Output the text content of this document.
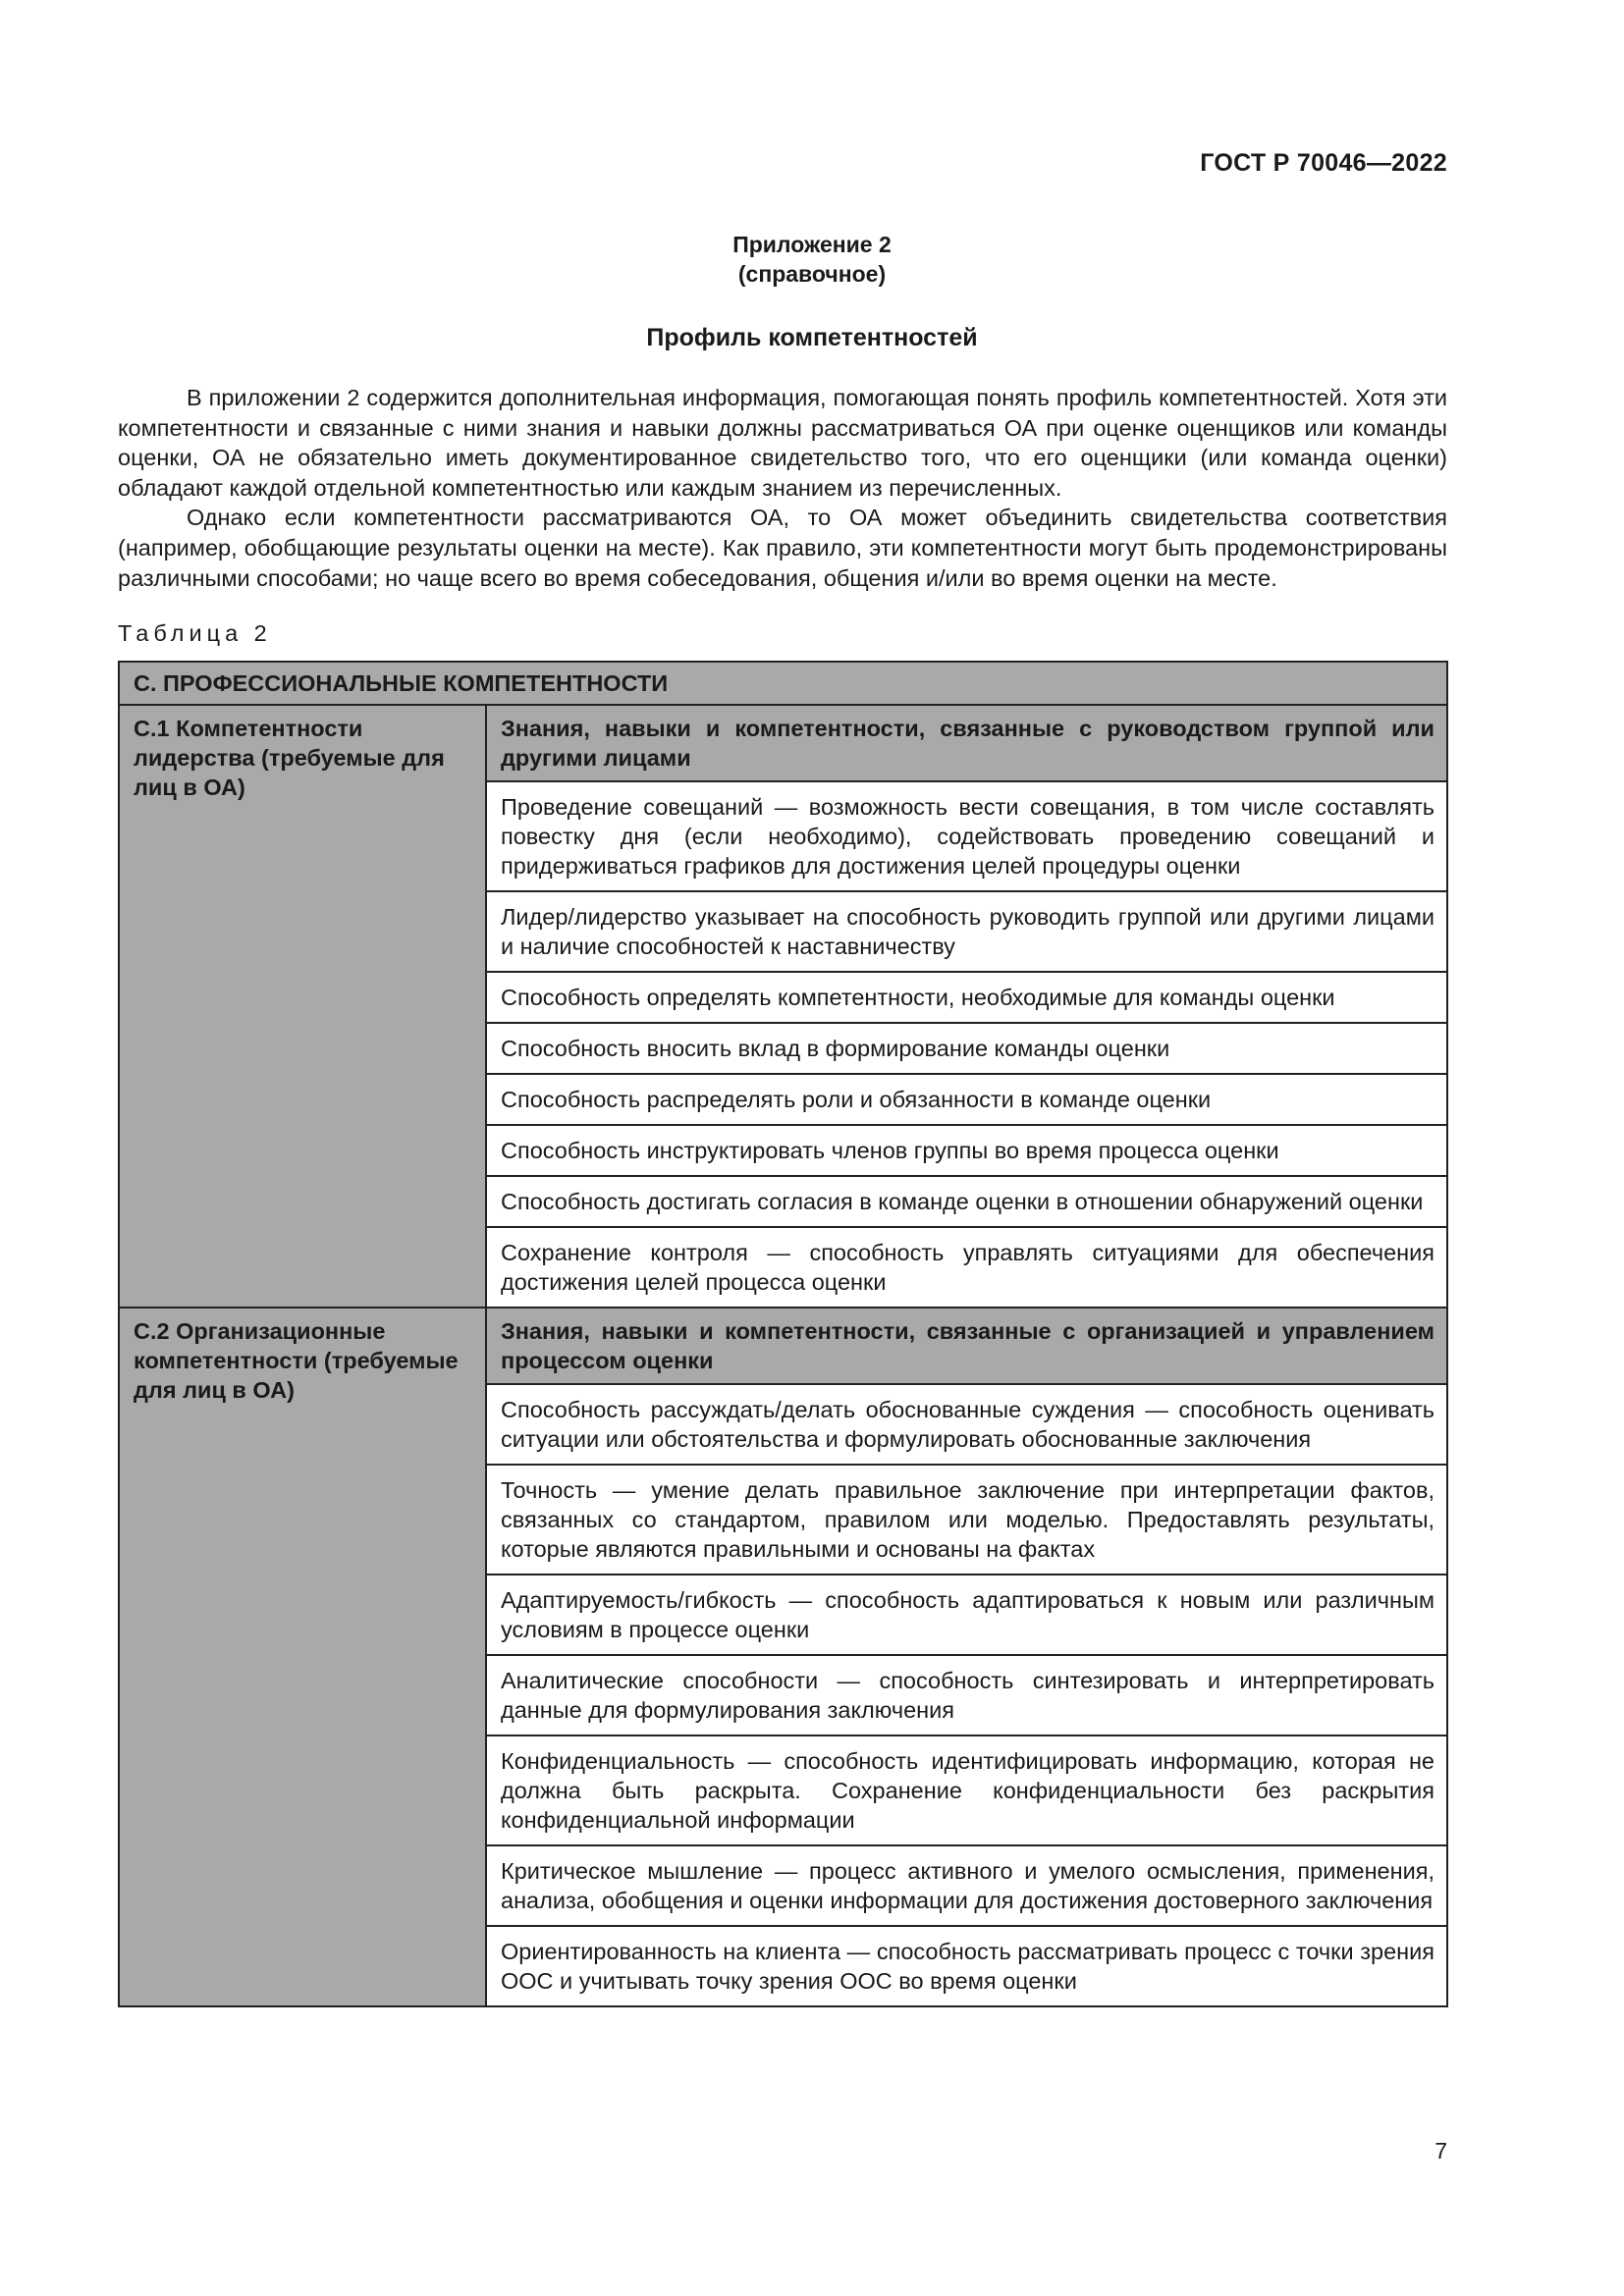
ГОСТ Р 70046—2022
Приложение 2
(справочное)
Профиль компетентностей

В приложении 2 содержится дополнительная информация, помогающая понять профиль компетентностей. Хотя эти компетентности и связанные с ними знания и навыки должны рассматриваться ОА при оценке оценщиков или команды оценки, ОА не обязательно иметь документированное свидетельство того, что его оценщики (или команда оценки) обладают каждой отдельной компетентностью или каждым знанием из перечисленных.

Однако если компетентности рассматриваются ОА, то ОА может объединить свидетельства соответствия (например, обобщающие результаты оценки на месте). Как правило, эти компетентности могут быть продемонстрированы различными способами; но чаще всего во время собеседования, общения и/или во время оценки на месте.

Таблица 2
С. ПРОФЕССИОНАЛЬНЫЕ КОМПЕТЕНТНОСТИ	
С.1 Компетентности лидерства (требуемые для лиц в ОА)	Знания, навыки и компетентности, связанные с руководством группой или другими лицами
	Проведение совещаний — возможность вести совещания, в том числе составлять повестку дня (если необходимо), содействовать проведению совещаний и придерживаться графиков для достижения целей процедуры оценки
	Лидер/лидерство указывает на способность руководить группой или другими лицами и наличие способностей к наставничеству
	Способность определять компетентности, необходимые для команды оценки
	Способность вносить вклад в формирование команды оценки
	Способность распределять роли и обязанности в команде оценки
	Способность инструктировать членов группы во время процесса оценки
	Способность достигать согласия в команде оценки в отношении обнаружений оценки
	Сохранение контроля — способность управлять ситуациями для обеспечения достижения целей процесса оценки
С.2 Организационные компетентности (требуемые для лиц в ОА)	Знания, навыки и компетентности, связанные с организацией и управлением процессом оценки
	Способность рассуждать/делать обоснованные суждения — способность оценивать ситуации или обстоятельства и формулировать обоснованные заключения
	Точность — умение делать правильное заключение при интерпретации фактов, связанных со стандартом, правилом или моделью. Предоставлять результаты, которые являются правильными и основаны на фактах
	Адаптируемость/гибкость — способность адаптироваться к новым или различным условиям в процессе оценки
	Аналитические способности — способность синтезировать и интерпретировать данные для формулирования заключения
	Конфиденциальность — способность идентифицировать информацию, которая не должна быть раскрыта. Сохранение конфиденциальности без раскрытия конфиденциальной информации
	Критическое мышление — процесс активного и умелого осмысления, применения, анализа, обобщения и оценки информации для достижения достоверного заключения
	Ориентированность на клиента — способность рассматривать процесс с точки зрения ООС и учитывать точку зрения ООС во время оценки
7
